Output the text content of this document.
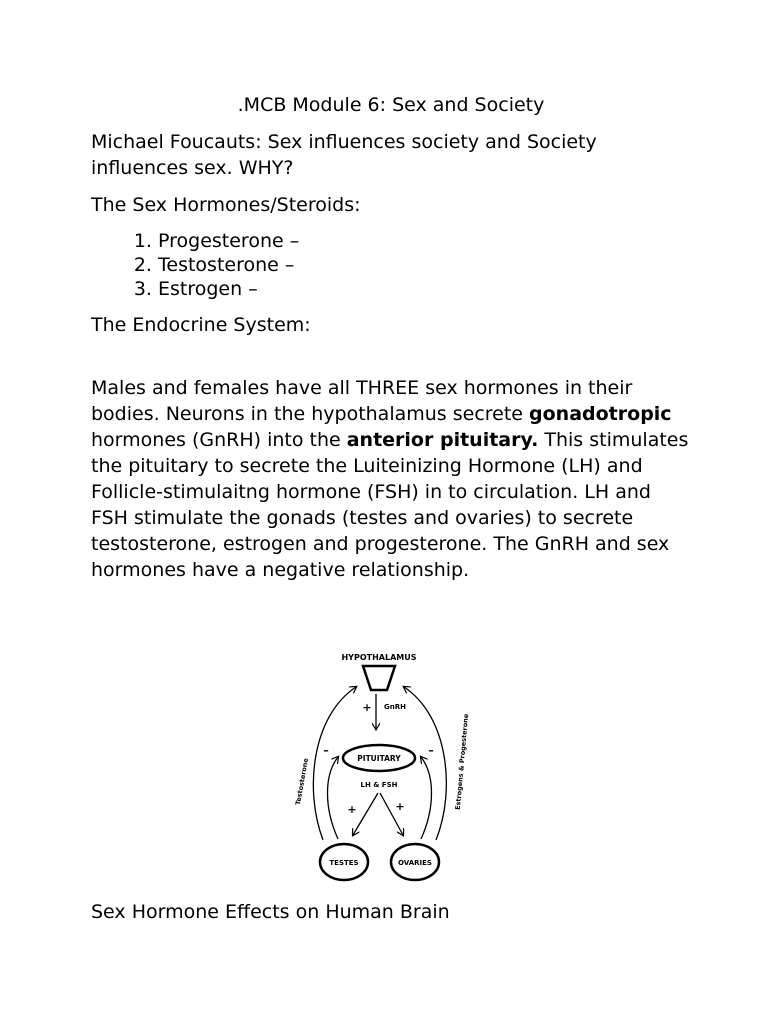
.MCB Module 6: Sex and Society

Michael Foucauts: Sex influences society and Society influences sex. WHY?

The Sex Hormones/Steroids:

1. Progesterone –
2. Testosterone –
3. Estrogen –

The Endocrine System:

Males and females have all THREE sex hormones in their bodies. Neurons in the hypothalamus secrete gonadotropic hormones (GnRH) into the anterior pituitary. This stimulates the pituitary to secrete the Luiteinizing Hormone (LH) and Follicle-stimulaitng hormone (FSH) in to circulation. LH and FSH stimulate the gonads (testes and ovaries) to secrete testosterone, estrogen and progesterone. The GnRH and sex hormones have a negative relationship.

HYPOTHALAMUS
+ GnRH
PITUITARY
–	–
LH & FSH
+	+
TESTES	OVARIES
Testosterone	Estrogens & Progesterone

Sex Hormone Effects on Human Brain
